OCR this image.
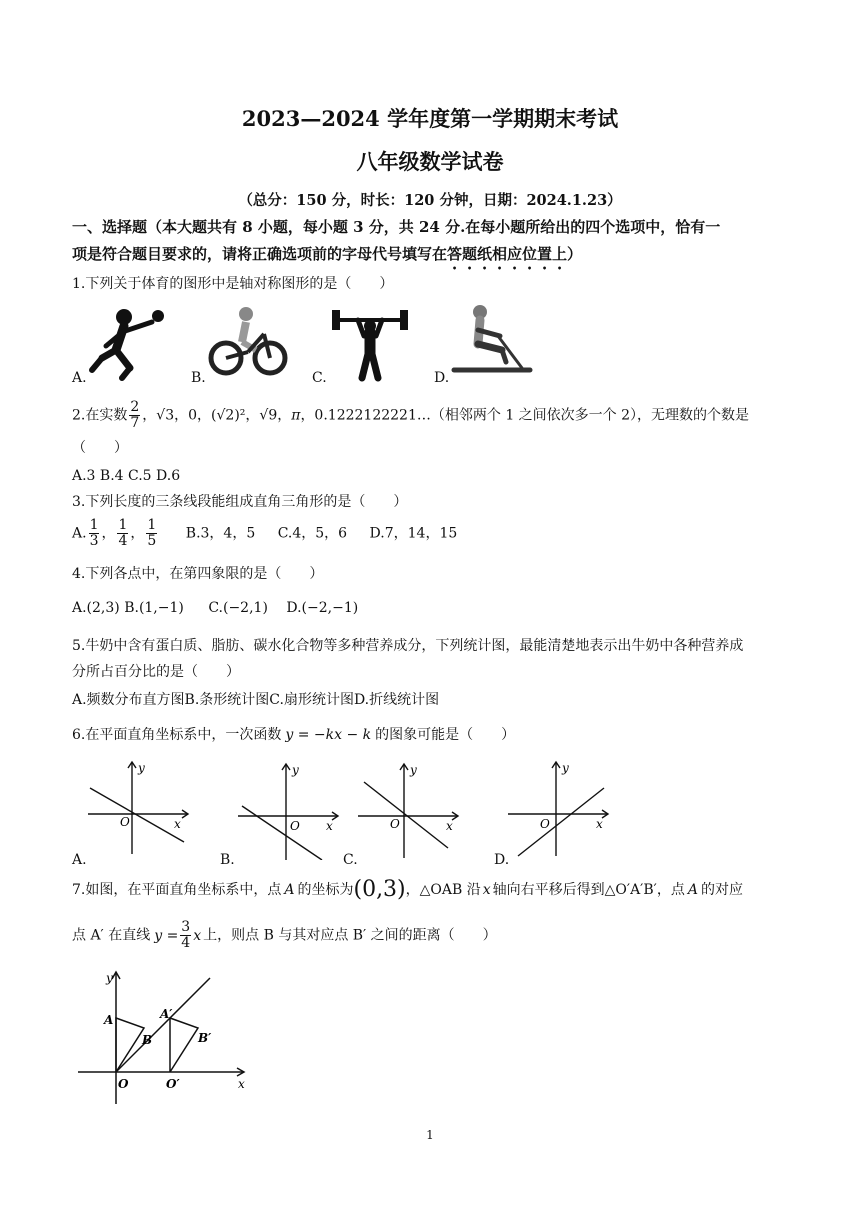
2023—2024 学年度第一学期期末考试
八年级数学试卷
（总分：150 分，时长：120 分钟，日期：2024.1.23）
一、选择题（本大题共有 8 小题，每小题 3 分，共 24 分.在每小题所给出的四个选项中，恰有一
项是符合题目要求的，请将正确选项前的字母代号填写在答题纸相应位置上）
1.下列关于体育的图形中是轴对称图形的是（　　）
A.	B.	C.	D.
2.在实数 $\frac{2}{7}$ ，√3，0，(√2)²，√9，π，0.1222122221…（相邻两个 1 之间依次多一个 2），无理数的个数是
（　　）
A.3 B.4 C.5 D.6
3.下列长度的三条线段能组成直角三角形的是（　　）
A. $\frac{1}{3}$ ， $\frac{1}{4}$ ， $\frac{1}{5} B.3$，4，5 C.4，5，6 D.7，14，15
4.下列各点中，在第四象限的是（　　）
A.(2,3) B.(1,−1) C.(−2,1) D.(−2,−1)
5.牛奶中含有蛋白质、脂肪、碳水化合物等多种营养成分，下列统计图，最能清楚地表示出牛奶中各种营养成
分所占百分比的是（　　）
A.频数分布直方图B.条形统计图C.扇形统计图D.折线统计图
6.在平面直角坐标系中，一次函数 y = −kx − k 的图象可能是（　　）
y
x
O
A.
y
x
O
B.
y
x
O
C.
y
x
O
D.
7.如图，在平面直角坐标系中，点 A 的坐标为(0,3)，△OAB 沿 x 轴向右平移后得到△O′A′B′，点 A 的对应
点 A′ 在直线 $y = \frac{3}{4}$ x 上，则点 B 与其对应点 B′ 之间的距离（　　）
y
x
O
A
B
A′
B′
O′
1
